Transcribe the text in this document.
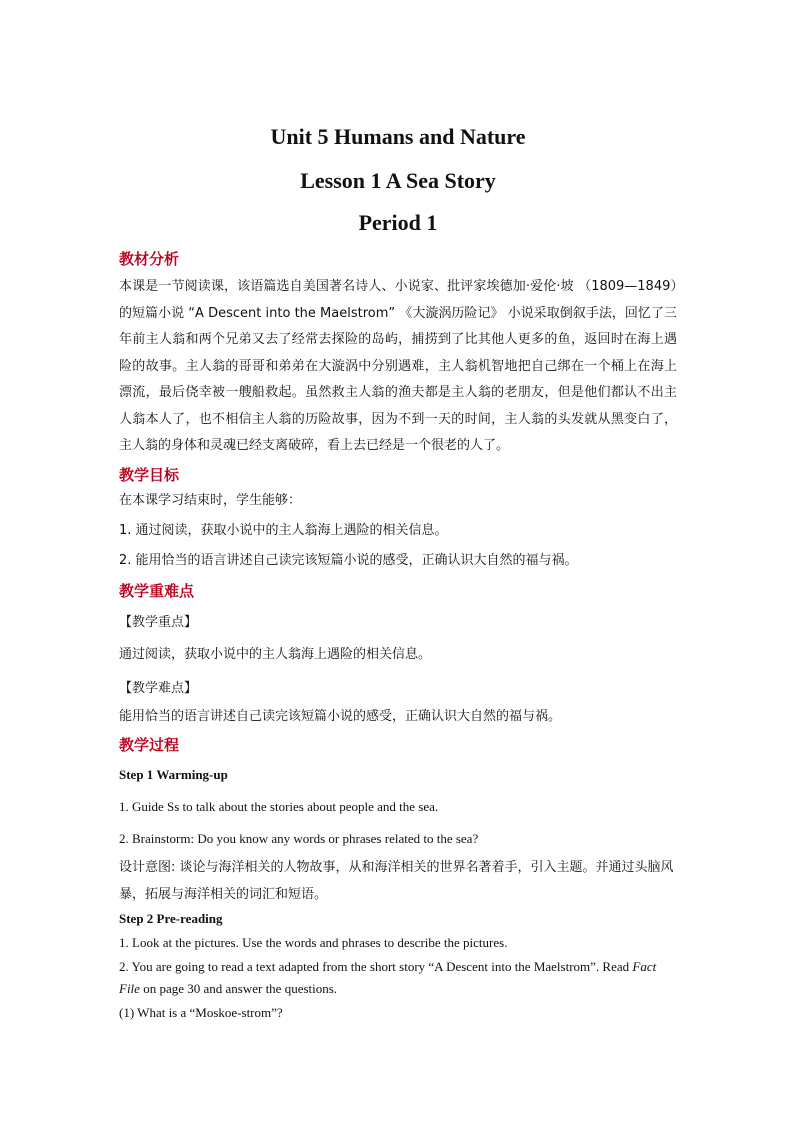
Unit 5 Humans and Nature
Lesson 1 A Sea Story
Period 1
教材分析

本课是一节阅读课，该语篇选自美国著名诗人、小说家、批评家埃德加·爱伦·坡 （1809—1849）的短篇小说 “A Descent into the Maelstrom” 《大漩涡历险记》 小说采取倒叙手法，回忆了三年前主人翁和两个兄弟又去了经常去探险的岛屿，捕捞到了比其他人更多的鱼，返回时在海上遇险的故事。主人翁的哥哥和弟弟在大漩涡中分别遇难，主人翁机智地把自己绑在一个桶上在海上漂流，最后侥幸被一艘船救起。虽然救主人翁的渔夫都是主人翁的老朋友，但是他们都认不出主人翁本人了，也不相信主人翁的历险故事，因为不到一天的时间，主人翁的头发就从黑变白了，主人翁的身体和灵魂已经支离破碎，看上去已经是一个很老的人了。

教学目标

在本课学习结束时，学生能够：

1. 通过阅读，获取小说中的主人翁海上遇险的相关信息。

2. 能用恰当的语言讲述自己读完该短篇小说的感受，正确认识大自然的福与祸。

教学重难点

【教学重点】

通过阅读，获取小说中的主人翁海上遇险的相关信息。

【教学难点】

能用恰当的语言讲述自己读完该短篇小说的感受，正确认识大自然的福与祸。

教学过程

Step 1 Warming-up

1. Guide Ss to talk about the stories about people and the sea.

2. Brainstorm: Do you know any words or phrases related to the sea?

设计意图: 谈论与海洋相关的人物故事，从和海洋相关的世界名著着手，引入主题。并通过头脑风暴，拓展与海洋相关的词汇和短语。

Step 2 Pre-reading

1. Look at the pictures. Use the words and phrases to describe the pictures.

2. You are going to read a text adapted from the short story “A Descent into the Maelstrom”. Read Fact File on page 30 and answer the questions.

(1) What is a “Moskoe-strom”?
